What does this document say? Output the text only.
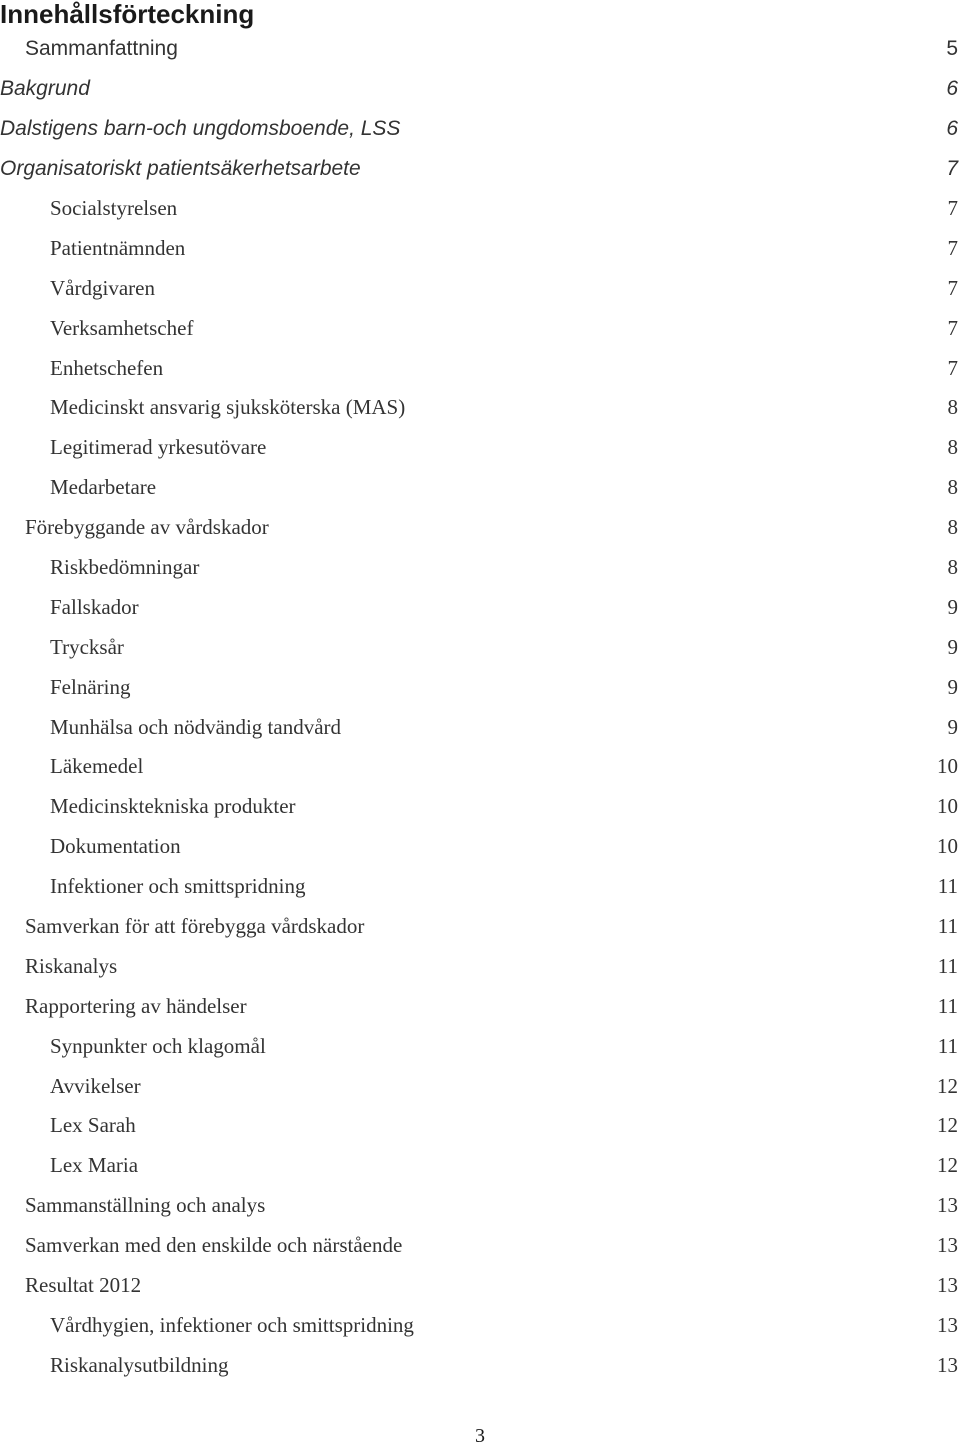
Innehållsförteckning
Sammanfattning	5
Bakgrund	6
Dalstigens barn-och ungdomsboende, LSS	6
Organisatoriskt patientsäkerhetsarbete	7
Socialstyrelsen	7
Patientnämnden	7
Vårdgivaren	7
Verksamhetschef	7
Enhetschefen	7
Medicinskt ansvarig sjuksköterska (MAS)	8
Legitimerad yrkesutövare	8
Medarbetare	8
Förebyggande av vårdskador	8
Riskbedömningar	8
Fallskador	9
Trycksår	9
Felnäring	9
Munhälsa och nödvändig tandvård	9
Läkemedel	10
Medicinsktekniska produkter	10
Dokumentation	10
Infektioner och smittspridning	11
Samverkan för att förebygga vårdskador	11
Riskanalys	11
Rapportering av händelser	11
Synpunkter och klagomål	11
Avvikelser	12
Lex Sarah	12
Lex Maria	12
Sammanställning och analys	13
Samverkan med den enskilde och närstående	13
Resultat 2012	13
Vårdhygien, infektioner och smittspridning	13
Riskanalysutbildning	13
3
